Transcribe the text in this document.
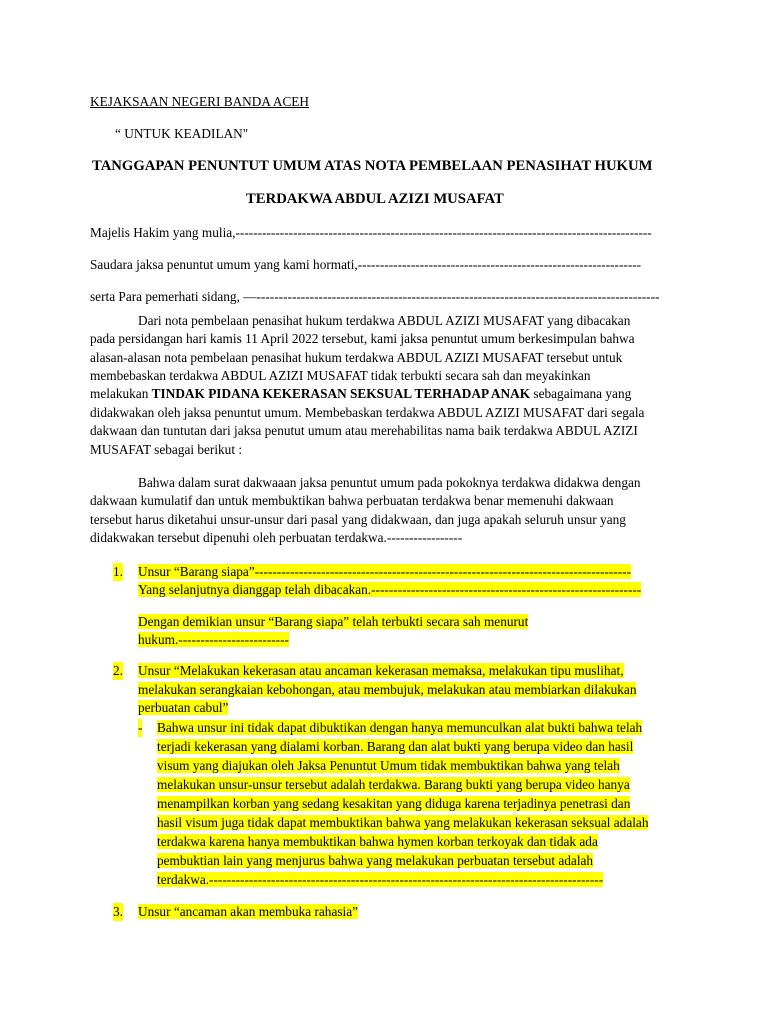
KEJAKSAAN NEGERI BANDA ACEH
“ UNTUK KEADILAN"
TANGGAPAN PENUNTUT UMUM ATAS NOTA PEMBELAAN PENASIHAT HUKUM
TERDAKWA ABDUL AZIZI MUSAFAT
Majelis Hakim yang mulia,----------------------------------------------------------------------------------------------
Saudara jaksa penuntut umum yang kami hormati,----------------------------------------------------------------
serta Para pemerhati sidang, —-------------------------------------------------------------------------------------------
Dari nota pembelaan penasihat hukum terdakwa ABDUL AZIZI MUSAFAT yang dibacakan
pada persidangan hari kamis 11 April 2022 tersebut, kami jaksa penuntut umum berkesimpulan bahwa
alasan-alasan nota pembelaan penasihat hukum terdakwa ABDUL AZIZI MUSAFAT tersebut untuk
membebaskan terdakwa ABDUL AZIZI MUSAFAT tidak terbukti secara sah dan meyakinkan
melakukan TINDAK PIDANA KEKERASAN SEKSUAL TERHADAP ANAK sebagaimana yang
didakwakan oleh jaksa penuntut umum. Membebaskan terdakwa ABDUL AZIZI MUSAFAT dari segala
dakwaan dan tuntutan dari jaksa penutut umum atau merehabilitas nama baik terdakwa ABDUL AZIZI
MUSAFAT sebagai berikut :
Bahwa dalam surat dakwaaan jaksa penuntut umum pada pokoknya terdakwa didakwa dengan
dakwaan kumulatif dan untuk membuktikan bahwa perbuatan terdakwa benar memenuhi dakwaan
tersebut harus diketahui unsur-unsur dari pasal yang didakwaan, dan juga apakah seluruh unsur yang
didakwakan tersebut dipenuhi oleh perbuatan terdakwa.-----------------
1. Unsur “Barang siapa”-------------------------------------------------------------------------------------
Yang selanjutnya dianggap telah dibacakan.-------------------------------------------------------------
Dengan demikian unsur “Barang siapa” telah terbukti secara sah menurut
hukum.-------------------------
2. Unsur “Melakukan kekerasan atau ancaman kekerasan memaksa, melakukan tipu muslihat,
melakukan serangkaian kebohongan, atau membujuk, melakukan atau membiarkan dilakukan
perbuatan cabul”
- Bahwa unsur ini tidak dapat dibuktikan dengan hanya memunculkan alat bukti bahwa telah
terjadi kekerasan yang dialami korban. Barang dan alat bukti yang berupa video dan hasil
visum yang diajukan oleh Jaksa Penuntut Umum tidak membuktikan bahwa yang telah
melakukan unsur-unsur tersebut adalah terdakwa. Barang bukti yang berupa video hanya
menampilkan korban yang sedang kesakitan yang diduga karena terjadinya penetrasi dan
hasil visum juga tidak dapat membuktikan bahwa yang melakukan kekerasan seksual adalah
terdakwa karena hanya membuktikan bahwa hymen korban terkoyak dan tidak ada
pembuktian lain yang menjurus bahwa yang melakukan perbuatan tersebut adalah
terdakwa.-----------------------------------------------------------------------------------------
3. Unsur “ancaman akan membuka rahasia”
